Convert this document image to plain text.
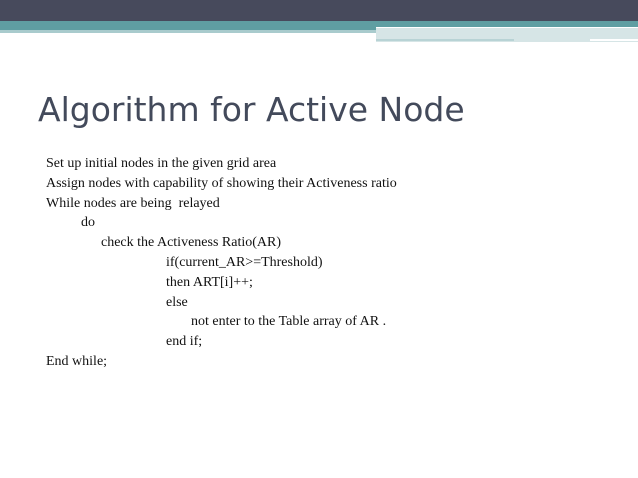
Algorithm for Active Node
Set up initial nodes in the given grid area
Assign nodes with capability of showing their Activeness ratio
While nodes are being  relayed
do
check the Activeness Ratio(AR)
if(current_AR>=Threshold)
then ART[i]++;
else
not enter to the Table array of AR .
end if;
End while;
